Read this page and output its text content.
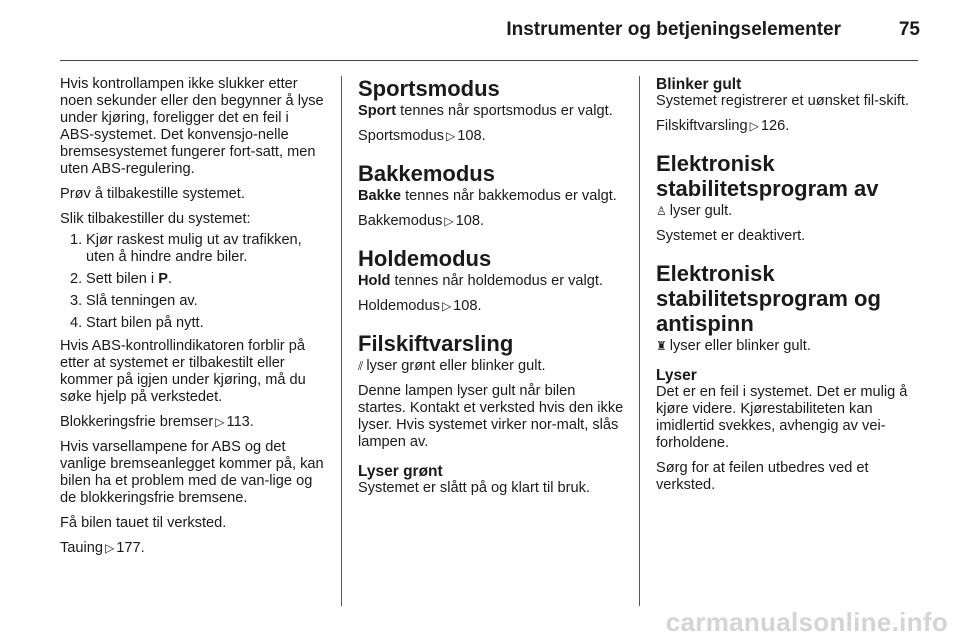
Instrumenter og betjeningselementer	75

Hvis kontrollampen ikke slukker etter noen sekunder eller den begynner å lyse under kjøring, foreligger det en feil i ABS-systemet. Det konvensjo-nelle bremsesystemet fungerer fort-satt, men uten ABS-regulering.

Prøv å tilbakestille systemet.

Slik tilbakestiller du systemet:

1. Kjør raskest mulig ut av trafikken, uten å hindre andre biler.
2. Sett bilen i P.
3. Slå tenningen av.
4. Start bilen på nytt.

Hvis ABS-kontrollindikatoren forblir på etter at systemet er tilbakestilt eller kommer på igjen under kjøring, må du søke hjelp på verkstedet.

Blokkeringsfrie bremser ▷ 113.

Hvis varsellampene for ABS og det vanlige bremseanlegget kommer på, kan bilen ha et problem med de van-lige og de blokkeringsfrie bremsene.

Få bilen tauet til verksted.

Tauing ▷ 177.

Sportsmodus

Sport tennes når sportsmodus er valgt.

Sportsmodus ▷ 108.

Bakkemodus

Bakke tennes når bakkemodus er valgt.

Bakkemodus ▷ 108.

Holdemodus

Hold tennes når holdemodus er valgt.

Holdemodus ▷ 108.

Filskiftvarsling

⫽ lyser grønt eller blinker gult.

Denne lampen lyser gult når bilen startes. Kontakt et verksted hvis den ikke lyser. Hvis systemet virker nor-malt, slås lampen av.

Lyser grønt

Systemet er slått på og klart til bruk.

Blinker gult

Systemet registrerer et uønsket fil-skift.

Filskiftvarsling ▷ 126.

Elektronisk stabilitetsprogram av

♙ lyser gult.

Systemet er deaktivert.

Elektronisk stabilitetsprogram og antispinn

♜ lyser eller blinker gult.

Lyser

Det er en feil i systemet. Det er mulig å kjøre videre. Kjørestabiliteten kan imidlertid svekkes, avhengig av vei-forholdene.

Sørg for at feilen utbedres ved et verksted.

carmanualsonline.info
